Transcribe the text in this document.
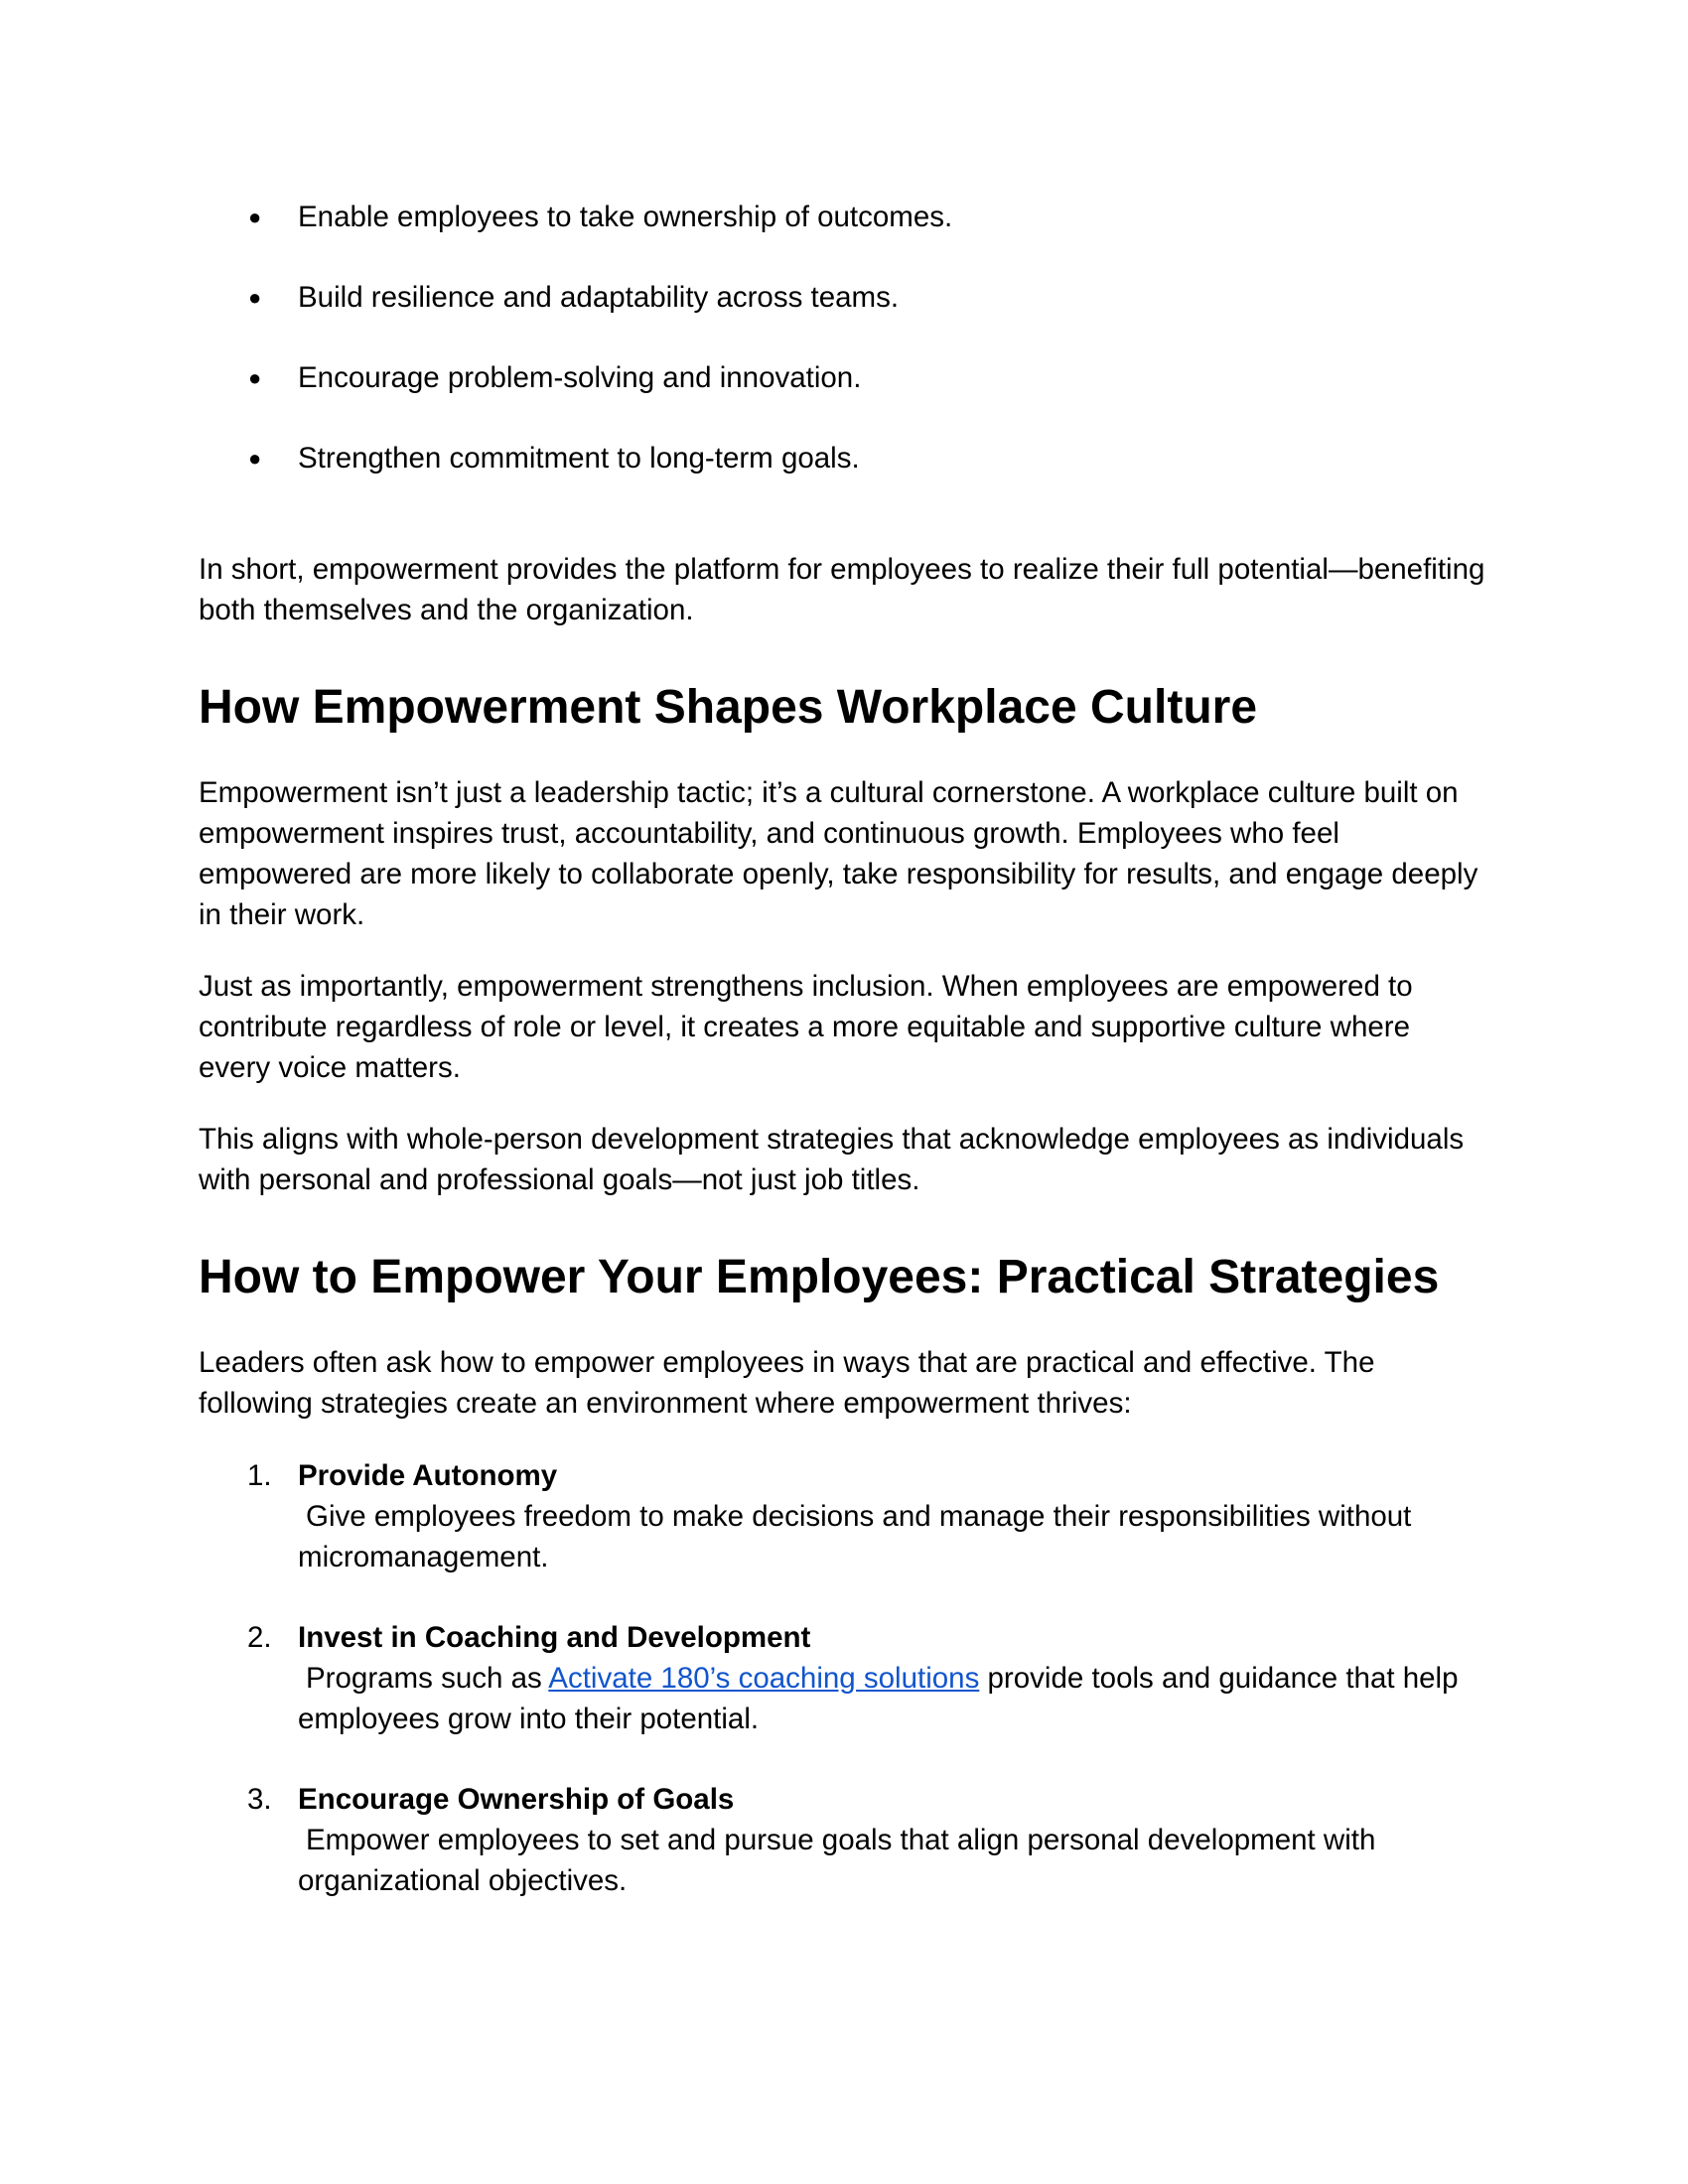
● Enable employees to take ownership of outcomes.
● Build resilience and adaptability across teams.
● Encourage problem-solving and innovation.
● Strengthen commitment to long-term goals.

In short, empowerment provides the platform for employees to realize their full potential—benefiting both themselves and the organization.

How Empowerment Shapes Workplace Culture

Empowerment isn’t just a leadership tactic; it’s a cultural cornerstone. A workplace culture built on empowerment inspires trust, accountability, and continuous growth. Employees who feel empowered are more likely to collaborate openly, take responsibility for results, and engage deeply in their work.

Just as importantly, empowerment strengthens inclusion. When employees are empowered to contribute regardless of role or level, it creates a more equitable and supportive culture where every voice matters.

This aligns with whole-person development strategies that acknowledge employees as individuals with personal and professional goals—not just job titles.

How to Empower Your Employees: Practical Strategies

Leaders often ask how to empower employees in ways that are practical and effective. The following strategies create an environment where empowerment thrives:

1. Provide Autonomy
Give employees freedom to make decisions and manage their responsibilities without micromanagement.
2. Invest in Coaching and Development
Programs such as Activate 180’s coaching solutions provide tools and guidance that help employees grow into their potential.
3. Encourage Ownership of Goals
Empower employees to set and pursue goals that align personal development with organizational objectives.
